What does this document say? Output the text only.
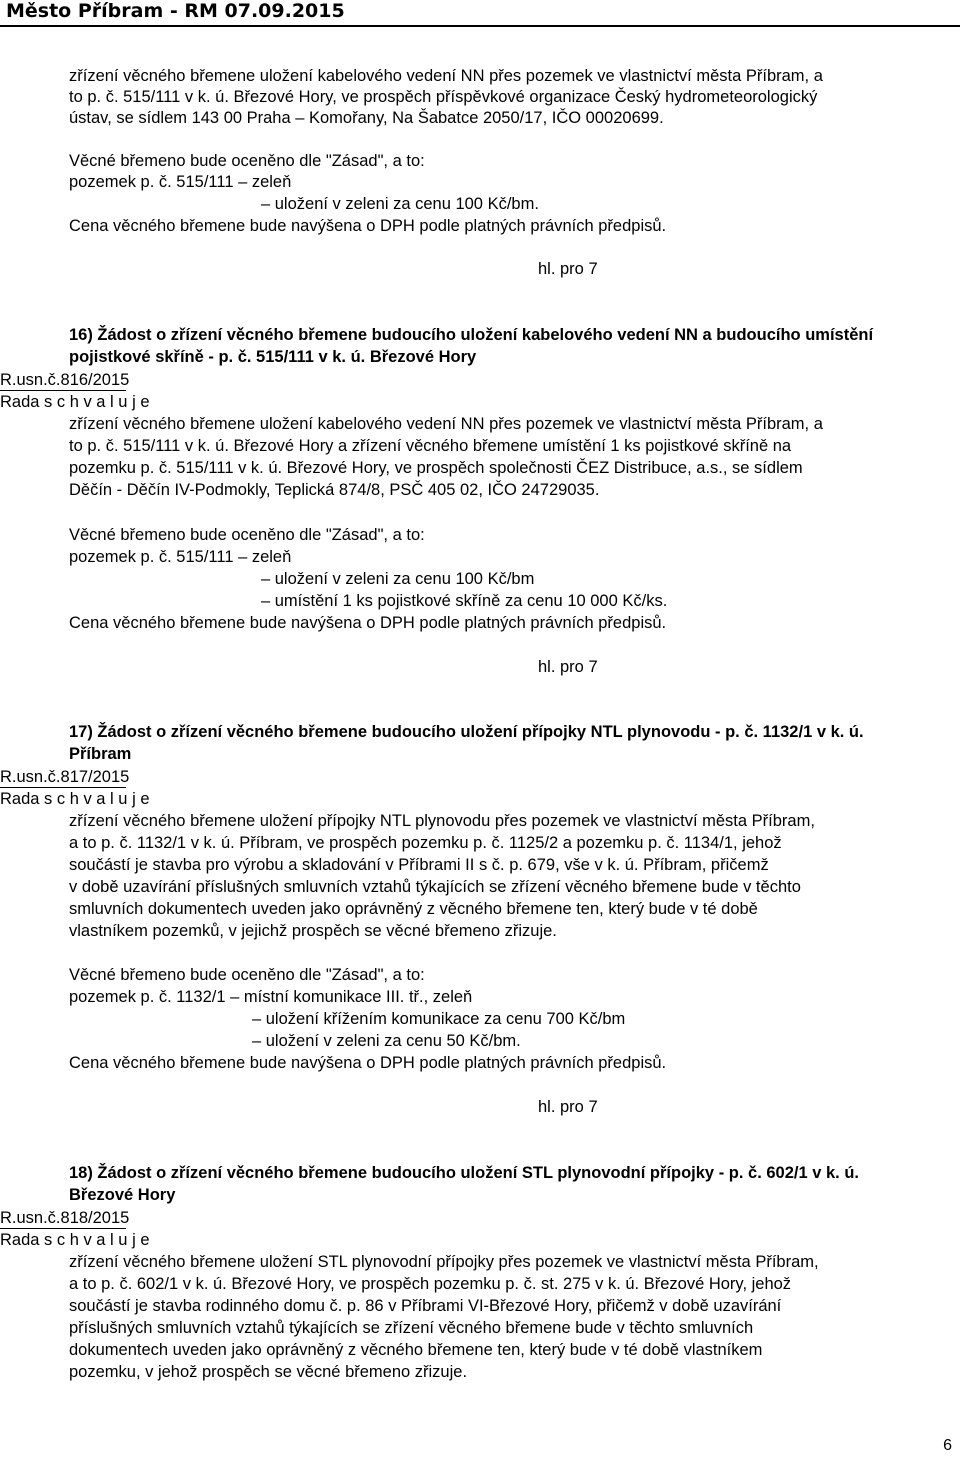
Město Příbram - RM 07.09.2015
zřízení věcného břemene uložení kabelového vedení NN přes pozemek ve vlastnictví města Příbram, a
to p. č. 515/111 v k. ú. Březové Hory, ve prospěch příspěvkové organizace Český hydrometeorologický
ústav, se sídlem 143 00 Praha – Komořany, Na Šabatce 2050/17, IČO 00020699.
Věcné břemeno bude oceněno dle "Zásad", a to:
pozemek p. č. 515/111 – zeleň
– uložení v zeleni za cenu 100 Kč/bm.
Cena věcného břemene bude navýšena o DPH podle platných právních předpisů.
hl. pro 7
16) Žádost o zřízení věcného břemene budoucího uložení kabelového vedení NN a budoucího umístění
pojistkové skříně - p. č. 515/111 v k. ú. Březové Hory
R.usn.č.816/2015
Rada s c h v a l u j e
zřízení věcného břemene uložení kabelového vedení NN přes pozemek ve vlastnictví města Příbram, a
to p. č. 515/111 v k. ú. Březové Hory a zřízení věcného břemene umístění 1 ks pojistkové skříně na
pozemku p. č. 515/111 v k. ú. Březové Hory, ve prospěch společnosti ČEZ Distribuce, a.s., se sídlem
Děčín - Děčín IV-Podmokly, Teplická 874/8, PSČ 405 02, IČO 24729035.
Věcné břemeno bude oceněno dle "Zásad", a to:
pozemek p. č. 515/111 – zeleň
– uložení v zeleni za cenu 100 Kč/bm
– umístění 1 ks pojistkové skříně za cenu 10 000 Kč/ks.
Cena věcného břemene bude navýšena o DPH podle platných právních předpisů.
hl. pro 7
17) Žádost o zřízení věcného břemene budoucího uložení přípojky NTL plynovodu - p. č. 1132/1 v k. ú.
Příbram
R.usn.č.817/2015
Rada s c h v a l u j e
zřízení věcného břemene uložení přípojky NTL plynovodu přes pozemek ve vlastnictví města Příbram,
a to p. č. 1132/1 v k. ú. Příbram, ve prospěch pozemku p. č. 1125/2 a pozemku p. č. 1134/1, jehož
součástí je stavba pro výrobu a skladování v Příbrami II s č. p. 679, vše v k. ú. Příbram, přičemž
v době uzavírání příslušných smluvních vztahů týkajících se zřízení věcného břemene bude v těchto
smluvních dokumentech uveden jako oprávněný z věcného břemene ten, který bude v té době
vlastníkem pozemků, v jejichž prospěch se věcné břemeno zřizuje.
Věcné břemeno bude oceněno dle "Zásad", a to:
pozemek p. č. 1132/1 – místní komunikace III. tř., zeleň
– uložení křížením komunikace za cenu 700 Kč/bm
– uložení v zeleni za cenu 50 Kč/bm.
Cena věcného břemene bude navýšena o DPH podle platných právních předpisů.
hl. pro 7
18) Žádost o zřízení věcného břemene budoucího uložení STL plynovodní přípojky - p. č. 602/1 v k. ú.
Březové Hory
R.usn.č.818/2015
Rada s c h v a l u j e
zřízení věcného břemene uložení STL plynovodní přípojky přes pozemek ve vlastnictví města Příbram,
a to p. č. 602/1 v k. ú. Březové Hory, ve prospěch pozemku p. č. st. 275 v k. ú. Březové Hory, jehož
součástí je stavba rodinného domu č. p. 86 v Příbrami VI-Březové Hory, přičemž v době uzavírání
příslušných smluvních vztahů týkajících se zřízení věcného břemene bude v těchto smluvních
dokumentech uveden jako oprávněný z věcného břemene ten, který bude v té době vlastníkem
pozemku, v jehož prospěch se věcné břemeno zřizuje.
6
